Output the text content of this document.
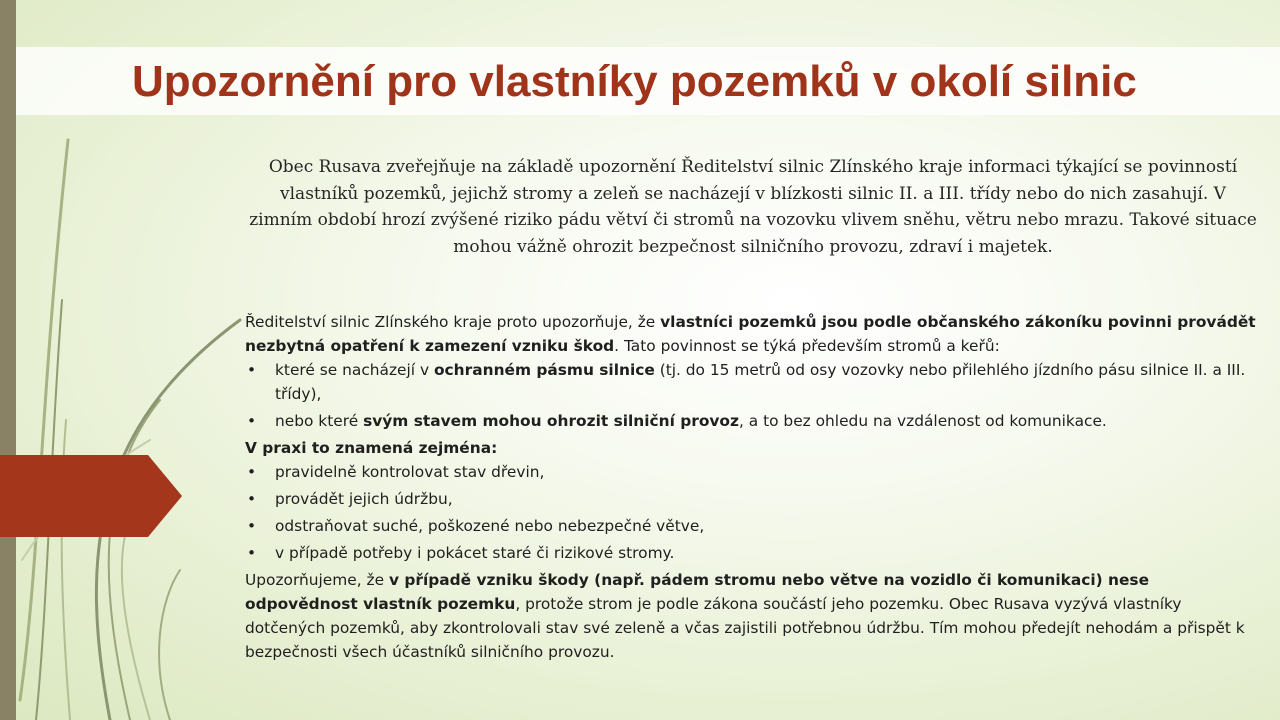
Upozornění pro vlastníky pozemků v okolí silnic

Obec Rusava zveřejňuje na základě upozornění Ředitelství silnic Zlínského kraje informaci týkající se povinností vlastníků pozemků, jejichž stromy a zeleň se nacházejí v blízkosti silnic II. a III. třídy nebo do nich zasahují. V zimním období hrozí zvýšené riziko pádu větví či stromů na vozovku vlivem sněhu, větru nebo mrazu. Takové situace mohou vážně ohrozit bezpečnost silničního provozu, zdraví i majetek.

Ředitelství silnic Zlínského kraje proto upozorňuje, že vlastníci pozemků jsou podle občanského zákoníku povinni provádět nezbytná opatření k zamezení vzniku škod. Tato povinnost se týká především stromů a keřů:

• které se nacházejí v ochranném pásmu silnice (tj. do 15 metrů od osy vozovky nebo přilehlého jízdního pásu silnice II. a III. třídy),
• nebo které svým stavem mohou ohrozit silniční provoz, a to bez ohledu na vzdálenost od komunikace.

V praxi to znamená zejména:

• pravidelně kontrolovat stav dřevin,
• provádět jejich údržbu,
• odstraňovat suché, poškozené nebo nebezpečné větve,
• v případě potřeby i pokácet staré či rizikové stromy.

Upozorňujeme, že v případě vzniku škody (např. pádem stromu nebo větve na vozidlo či komunikaci) nese odpovědnost vlastník pozemku, protože strom je podle zákona součástí jeho pozemku. Obec Rusava vyzývá vlastníky dotčených pozemků, aby zkontrolovali stav své zeleně a včas zajistili potřebnou údržbu. Tím mohou předejít nehodám a přispět k bezpečnosti všech účastníků silničního provozu.
